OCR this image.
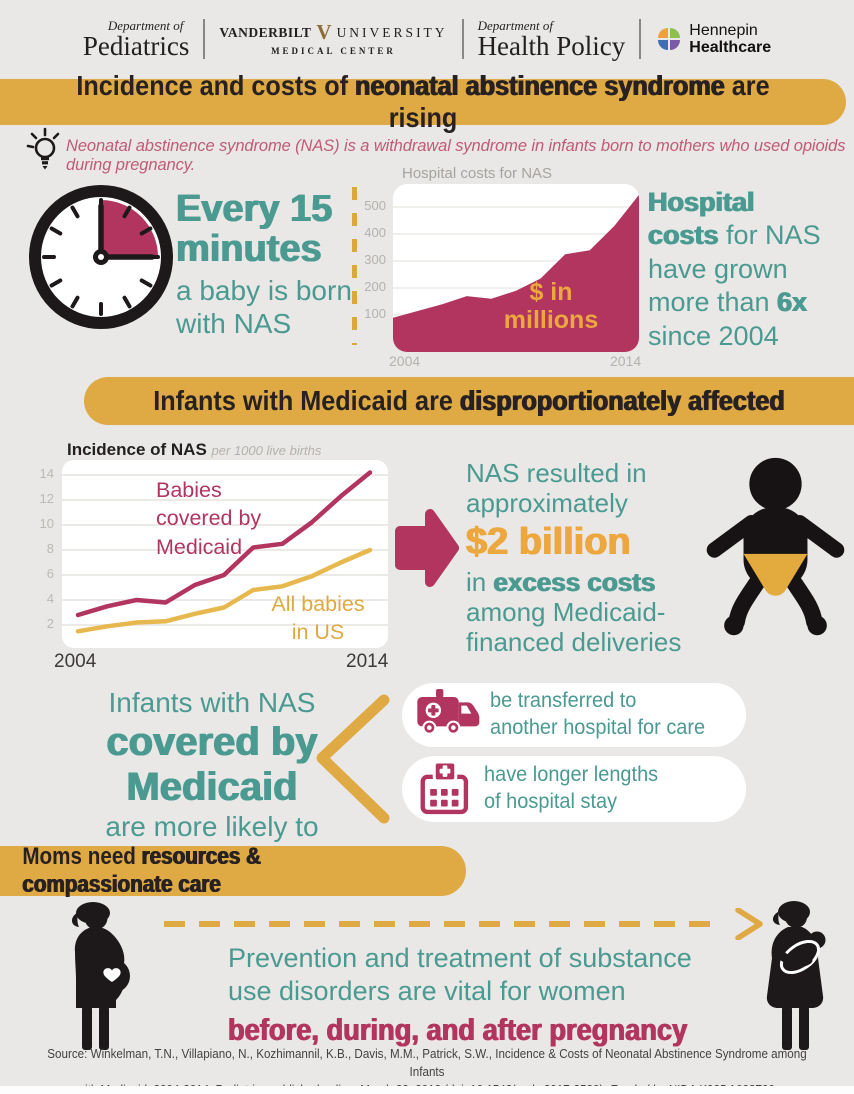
Department of
Pediatrics VANDERBILT V UNIVERSITY
MEDICAL CENTER
Department of
Health Policy
Hennepin
Healthcare
Incidence and costs of neonatal abstinence syndrome are rising
Neonatal abstinence syndrome (NAS) is a withdrawal syndrome in infants born to mothers who used opioids during pregnancy.
Every 15
minutes
a baby is born
with NAS
Hospital costs for NAS
$ in
millions
100
200
300
400
500
2004	2014
Hospital
costs for NAS
have grown
more than 6x
since 2004
Infants with Medicaid are disproportionately affected
Incidence of NAS per 1000 live births
Babies covered by Medicaid
All babies in US
2
4
6
8
10
12
14
2004	2014
NAS resulted in
approximately
$2 billion
in excess costs
among Medicaid-
financed deliveries
Infants with NAS
covered by
Medicaid
are more likely to
be transferred to
another hospital for care
have longer lengths
of hospital stay
Moms need resources & compassionate care
Prevention and treatment of substance
use disorders are vital for women
before, during, and after pregnancy
Source: Winkelman, T.N., Villapiano, N., Kozhimannil, K.B., Davis, M.M., Patrick, S.W., Incidence & Costs of Neonatal Abstinence Syndrome among Infants
